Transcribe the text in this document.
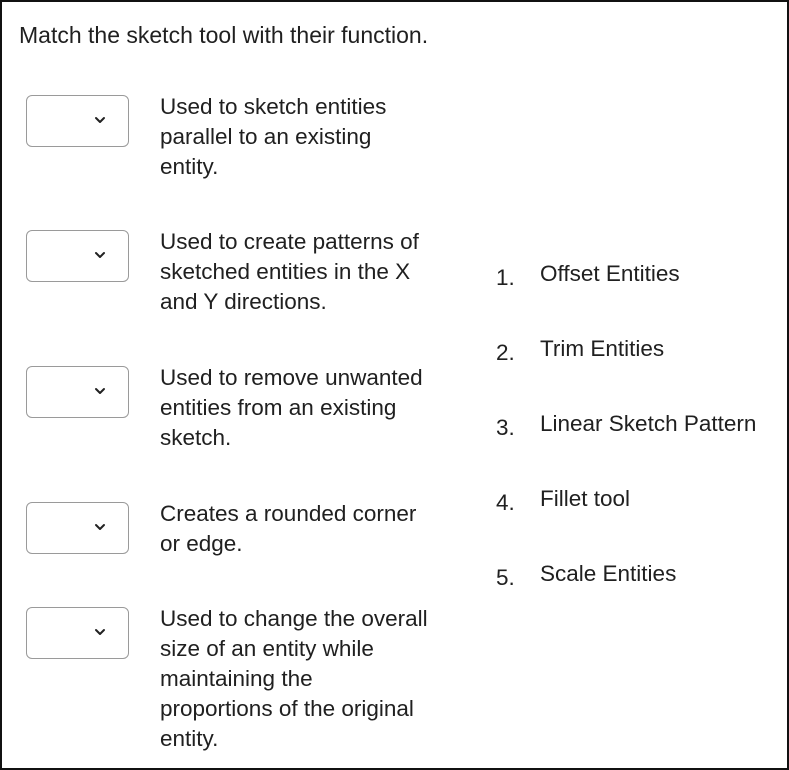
Match the sketch tool with their function.
Used to sketch entities
parallel to an existing
entity.
Used to create patterns of
sketched entities in the X
and Y directions.
Used to remove unwanted
entities from an existing
sketch.
Creates a rounded corner
or edge.
Used to change the overall
size of an entity while
maintaining the
proportions of the original
entity.
1. Offset Entities
2. Trim Entities
3. Linear Sketch Pattern
4. Fillet tool
5. Scale Entities
